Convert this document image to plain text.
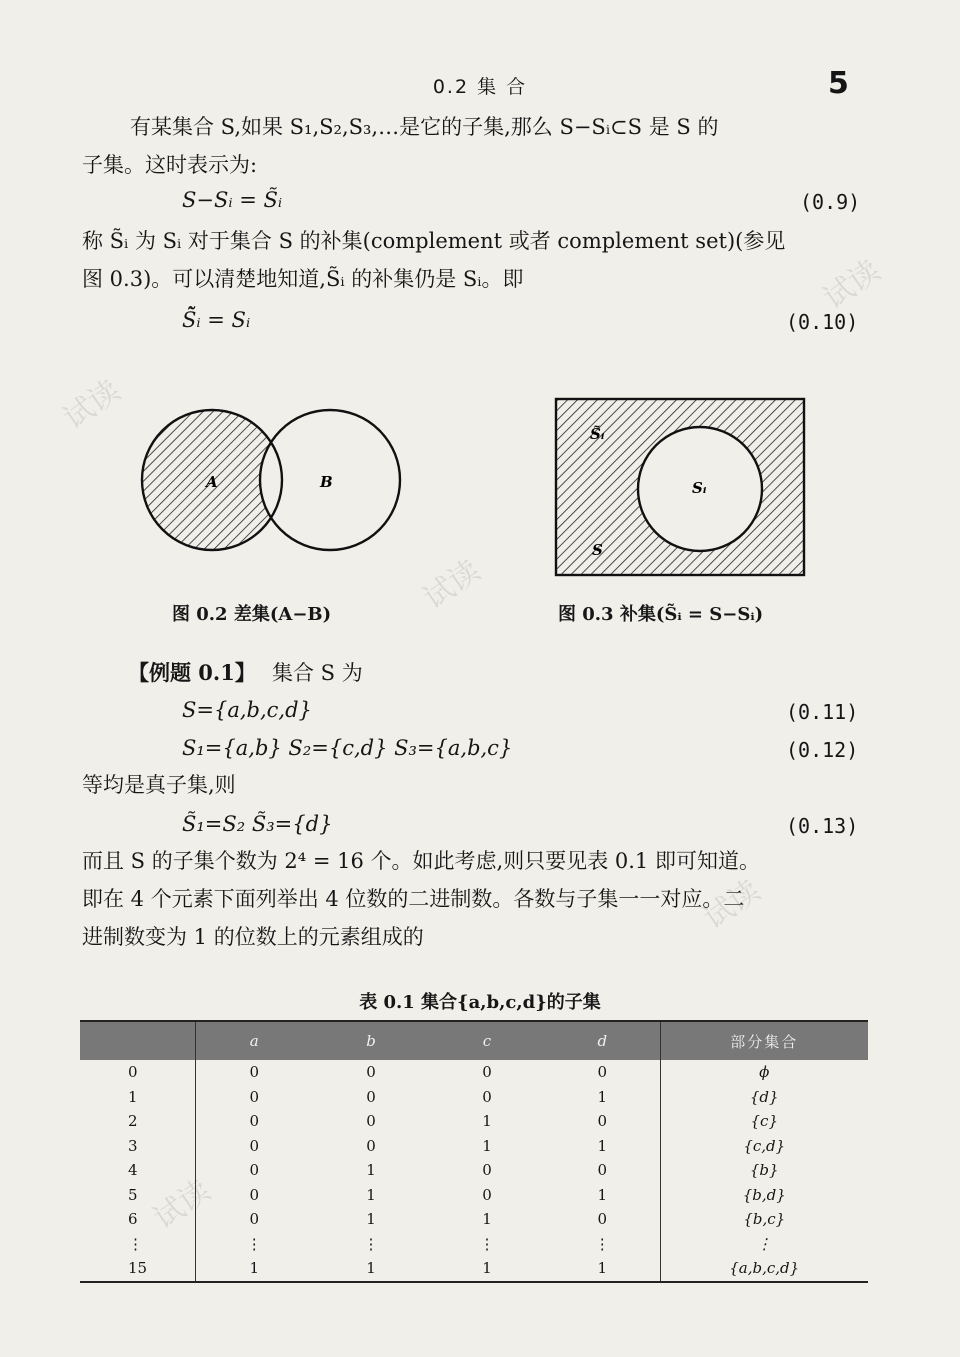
试读
试读
试读
试读
试读
0.2 集 合	5
有某集合 S,如果 S₁,S₂,S₃,…是它的子集,那么 S−Sᵢ⊂S 是 S 的
子集。这时表示为:
S−Sᵢ = S̃ᵢ	(0.9)
称 S̃ᵢ 为 Sᵢ 对于集合 S 的补集(complement 或者 complement set)(参见
图 0.3)。可以清楚地知道,S̃ᵢ 的补集仍是 Sᵢ。即
S̃̃ᵢ = Sᵢ	(0.10)
A	B
图 0.2 差集(A−B)
S̃ᵢ
Sᵢ
S
图 0.3 补集(S̃ᵢ = S−Sᵢ)
【例题 0.1】 集合 S 为
S={a,b,c,d}	(0.11)
S₁={a,b} S₂={c,d} S₃={a,b,c}	(0.12)
等均是真子集,则
S̃₁=S₂ S̃₃={d}	(0.13)
而且 S 的子集个数为 2⁴ = 16 个。如此考虑,则只要见表 0.1 即可知道。
即在 4 个元素下面列举出 4 位数的二进制数。各数与子集一一对应。二
进制数变为 1 的位数上的元素组成的
表 0.1 集合{a,b,c,d}的子集
	a	b	c	d	部分集合
0	0	0	0	0	ϕ
1	0	0	0	1	{d}
2	0	0	1	0	{c}
3	0	0	1	1	{c,d}
4	0	1	0	0	{b}
5	0	1	0	1	{b,d}
6	0	1	1	0	{b,c}
⋮	⋮	⋮	⋮	⋮	⋮
15	1	1	1	1	{a,b,c,d}
